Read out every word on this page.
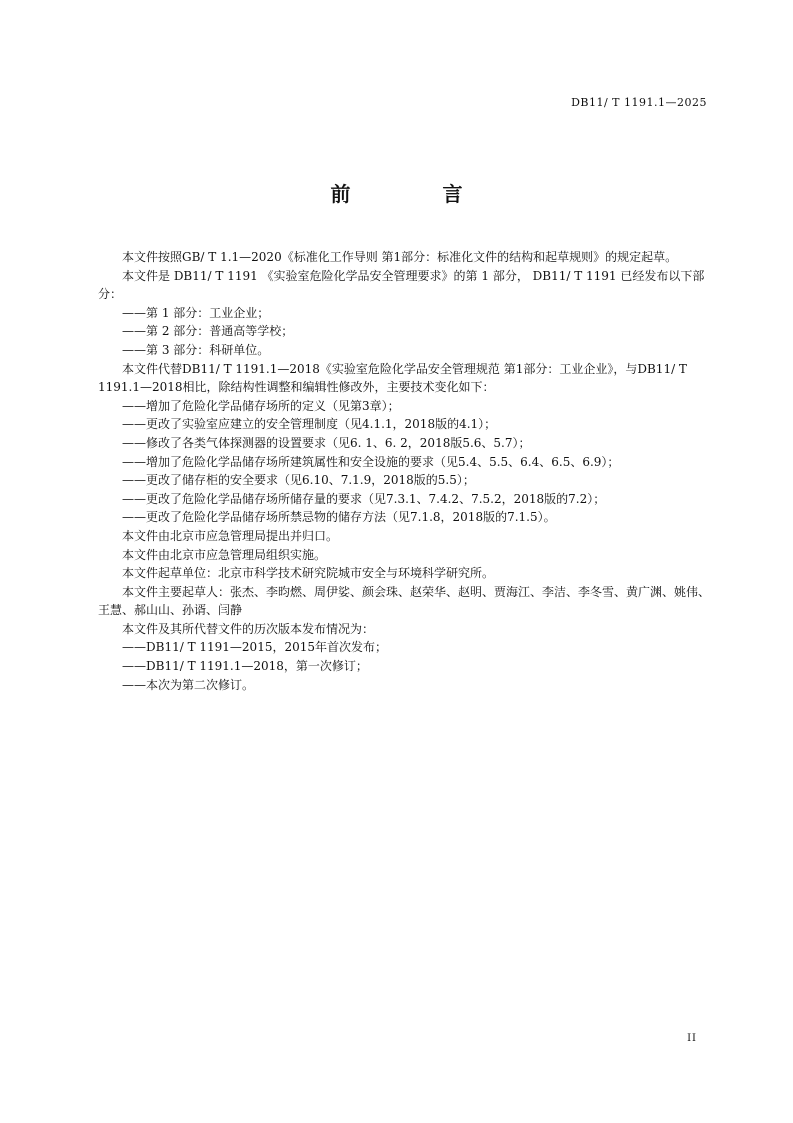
DB11/ T 1191.1—2025
前　言

本文件按照GB/ T 1.1—2020《标准化工作导则 第1部分：标准化文件的结构和起草规则》的规定起草。

本文件是 DB11/ T 1191 《实验室危险化学品安全管理要求》的第 1 部分， DB11/ T 1191 已经发布以下部分：

——第 1 部分：工业企业；

——第 2 部分：普通高等学校；

——第 3 部分：科研单位。

本文件代替DB11/ T 1191.1—2018《实验室危险化学品安全管理规范 第1部分：工业企业》，与DB11/ T 1191.1—2018相比，除结构性调整和编辑性修改外，主要技术变化如下：

——增加了危险化学品储存场所的定义（见第3章）；

——更改了实验室应建立的安全管理制度（见4.1.1，2018版的4.1）；

——修改了各类气体探测器的设置要求（见6. 1、6. 2，2018版5.6、5.7）；

——增加了危险化学品储存场所建筑属性和安全设施的要求（见5.4、5.5、6.4、6.5、6.9）；

——更改了储存柜的安全要求（见6.10、7.1.9，2018版的5.5）；

——更改了危险化学品储存场所储存量的要求（见7.3.1、7.4.2、7.5.2，2018版的7.2）；

——更改了危险化学品储存场所禁忌物的储存方法（见7.1.8，2018版的7.1.5）。

本文件由北京市应急管理局提出并归口。

本文件由北京市应急管理局组织实施。

本文件起草单位：北京市科学技术研究院城市安全与环境科学研究所。

本文件主要起草人：张杰、李昀燃、周伊娑、颜会珠、赵荣华、赵明、贾海江、李洁、李冬雪、黄广渊、姚伟、王慧、郝山山、孙谞、闫静

本文件及其所代替文件的历次版本发布情况为：

——DB11/ T 1191—2015，2015年首次发布；

——DB11/ T 1191.1—2018，第一次修订；

——本次为第二次修订。

II
